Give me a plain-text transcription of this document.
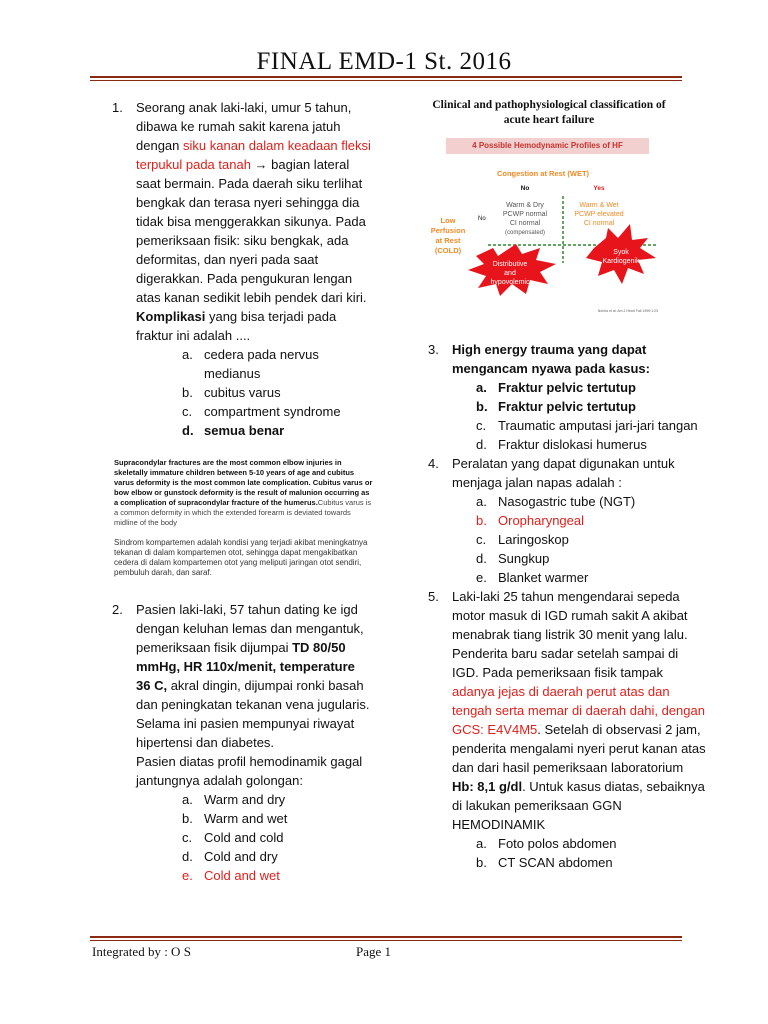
FINAL EMD-1 St. 2016
1. Seorang anak laki-laki, umur 5 tahun, dibawa ke rumah sakit karena jatuh dengan siku kanan dalam keadaan fleksi terpukul pada tanah → bagian lateral saat bermain. Pada daerah siku terlihat bengkak dan terasa nyeri sehingga dia tidak bisa menggerakkan sikunya. Pada pemeriksaan fisik: siku bengkak, ada deformitas, dan nyeri pada saat digerakkan. Pada pengukuran lengan atas kanan sedikit lebih pendek dari kiri.
Komplikasi yang bisa terjadi pada fraktur ini adalah ....
a. cedera pada nervus medianus
b. cubitus varus
c. compartment syndrome
d. semua benar
Supracondylar fractures are the most common elbow injuries in skeletally immature children between 5-10 years of age and cubitus varus deformity is the most common late complication. Cubitus varus or bow elbow or gunstock deformity is the result of malunion occurring as a complication of supracondylar fracture of the humerus.Cubitus varus is a common deformity in which the extended forearm is deviated towards midline of the body
Sindrom kompartemen adalah kondisi yang terjadi akibat meningkatnya tekanan di dalam kompartemen otot, sehingga dapat mengakibatkan cedera di dalam kompartemen otot yang meliputi jaringan otot sendiri, pembuluh darah, dan saraf.
2. Pasien laki-laki, 57 tahun dating ke igd dengan keluhan lemas dan mengantuk, pemeriksaan fisik dijumpai TD 80/50 mmHg, HR 110x/menit, temperature 36 C, akral dingin, dijumpai ronki basah dan peningkatan tekanan vena jugularis. Selama ini pasien mempunyai riwayat hipertensi dan diabetes.
Pasien diatas profil hemodinamik gagal jantungnya adalah golongan:
a. Warm and dry
b. Warm and wet
c. Cold and cold
d. Cold and dry
e. Cold and wet
Clinical and pathophysiological classification of
acute heart failure
4 Possible Hemodynamic Profiles of HF
Congestion at Rest (WET)
No	Yes
Low Perfusion at Rest (COLD)
No
Warm & Dry
PCWP normal
CI normal
(compensated)
Warm & Wet
PCWP elevated
CI normal
Distributive and hypovolemic
Syok Kardiogenik
Nohria et al. Am J Heart Fail 1999;1:23
3. High energy trauma yang dapat mengancam nyawa pada kasus:
a. Fraktur pelvic tertutup
b. Fraktur pelvic tertutup
c. Traumatic amputasi jari-jari tangan
d. Fraktur dislokasi humerus
4. Peralatan yang dapat digunakan untuk menjaga jalan napas adalah :
a. Nasogastric tube (NGT)
b. Oropharyngeal
c. Laringoskop
d. Sungkup
e. Blanket warmer
5. Laki-laki 25 tahun mengendarai sepeda motor masuk di IGD rumah sakit A akibat menabrak tiang listrik 30 menit yang lalu. Penderita baru sadar setelah sampai di IGD. Pada pemeriksaan fisik tampak adanya jejas di daerah perut atas dan tengah serta memar di daerah dahi, dengan GCS: E4V4M5. Setelah di observasi 2 jam, penderita mengalami nyeri perut kanan atas dan dari hasil pemeriksaan laboratorium Hb: 8,1 g/dl. Untuk kasus diatas, sebaiknya di lakukan pemeriksaan GGN HEMODINAMIK
a. Foto polos abdomen
b. CT SCAN abdomen
Integrated by : O S	Page 1
